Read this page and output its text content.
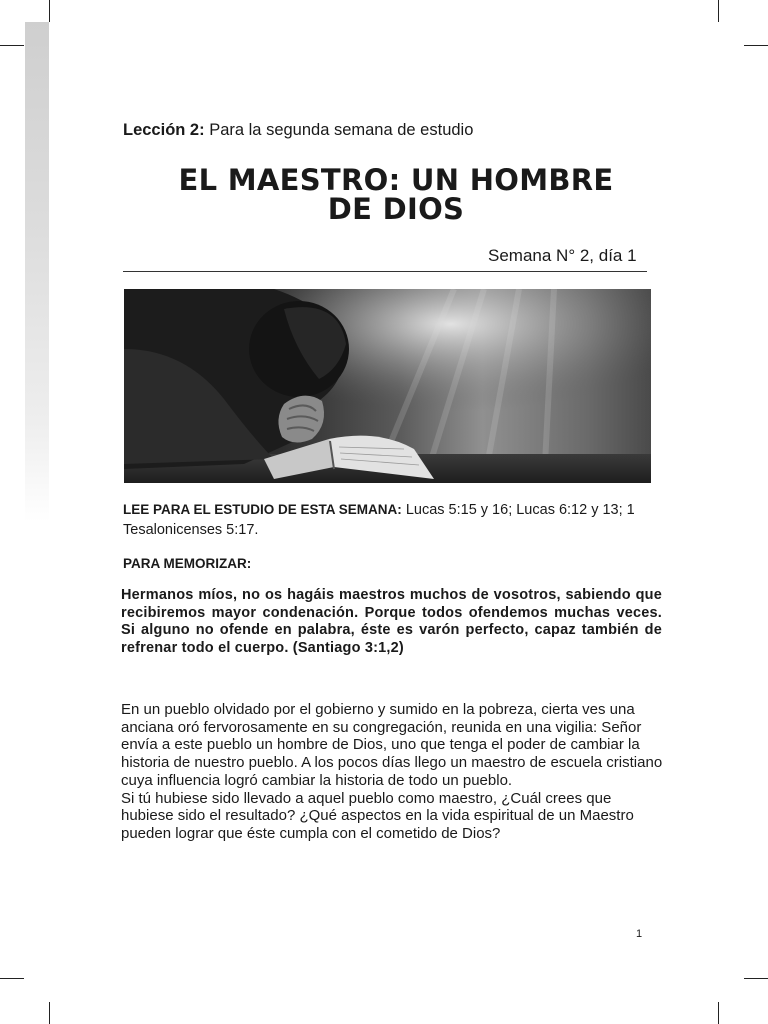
Lección 2: Para la segunda semana de estudio
EL MAESTRO: UN HOMBRE
DE DIOS
Semana N° 2, día 1
LEE PARA EL ESTUDIO DE ESTA SEMANA: Lucas 5:15 y 16; Lucas 6:12 y 13; 1 Tesalonicenses 5:17.
PARA MEMORIZAR:
Hermanos míos, no os hagáis maestros muchos de vosotros, sabiendo que recibiremos mayor condenación. Porque todos ofendemos muchas veces. Si alguno no ofende en palabra, éste es varón perfecto, capaz también de refrenar todo el cuerpo. (Santiago 3:1,2)

En un pueblo olvidado por el gobierno y sumido en la pobreza, cierta ves una anciana oró fervorosamente en su congregación, reunida en una vigilia: Señor envía a este pueblo un hombre de Dios, uno que tenga el poder de cambiar la historia de nuestro pueblo. A los pocos días llego un maestro de escuela cristiano cuya influencia logró cambiar la historia de todo un pueblo.

Si tú hubiese sido llevado a aquel pueblo como maestro, ¿Cuál crees que hubiese sido el resultado? ¿Qué aspectos en la vida espiritual de un Maestro pueden lograr que éste cumpla con el cometido de Dios?

1
